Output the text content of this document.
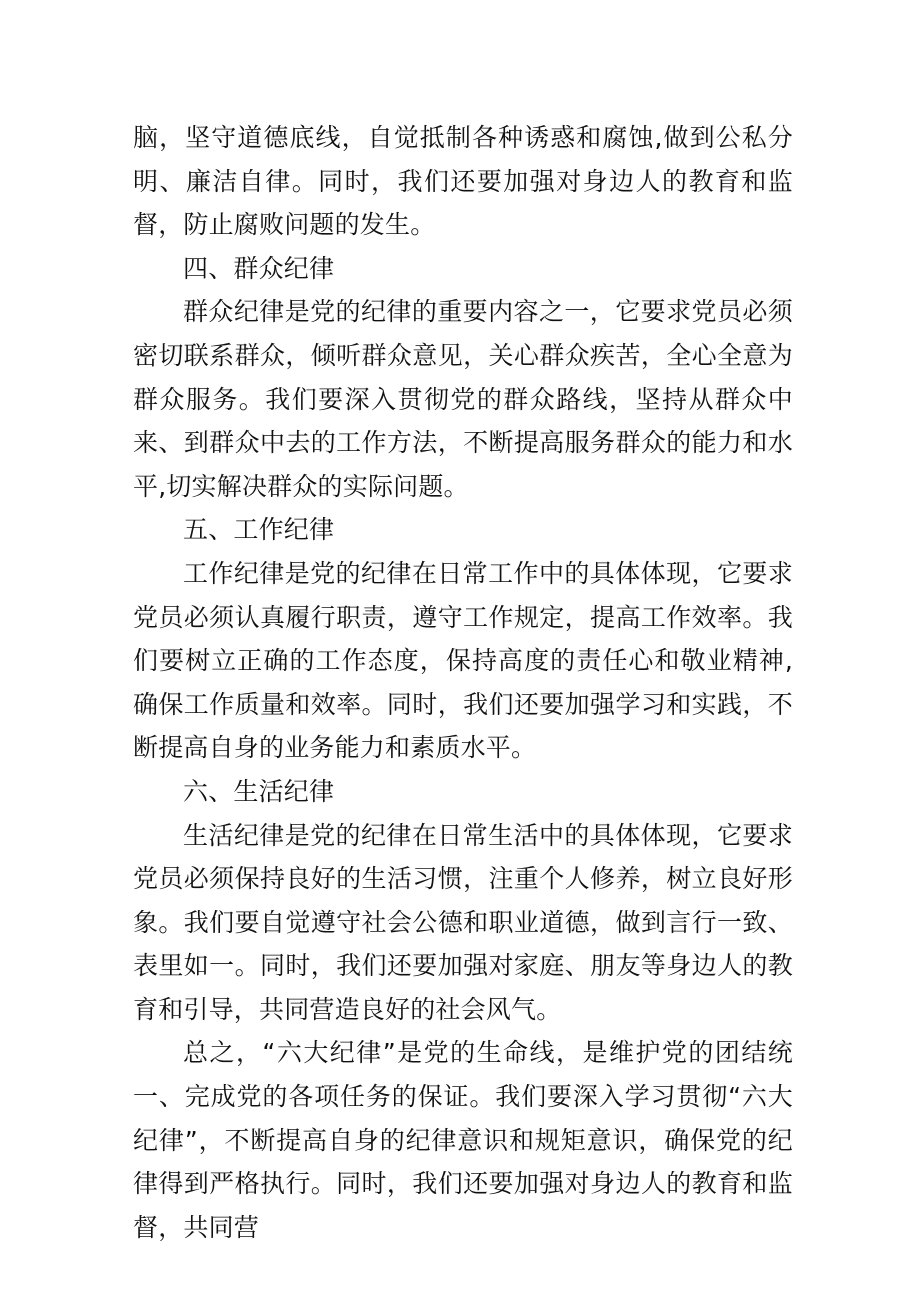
脑，坚守道德底线，自觉抵制各种诱惑和腐蚀,做到公私分明、廉洁自律。同时，我们还要加强对身边人的教育和监督，防止腐败问题的发生。

四、群众纪律

群众纪律是党的纪律的重要内容之一，它要求党员必须密切联系群众，倾听群众意见，关心群众疾苦，全心全意为群众服务。我们要深入贯彻党的群众路线，坚持从群众中来、到群众中去的工作方法，不断提高服务群众的能力和水平,切实解决群众的实际问题。

五、工作纪律

工作纪律是党的纪律在日常工作中的具体体现，它要求党员必须认真履行职责，遵守工作规定，提高工作效率。我们要树立正确的工作态度，保持高度的责任心和敬业精神,确保工作质量和效率。同时，我们还要加强学习和实践，不断提高自身的业务能力和素质水平。

六、生活纪律

生活纪律是党的纪律在日常生活中的具体体现，它要求党员必须保持良好的生活习惯，注重个人修养，树立良好形象。我们要自觉遵守社会公德和职业道德，做到言行一致、表里如一。同时，我们还要加强对家庭、朋友等身边人的教育和引导，共同营造良好的社会风气。

总之，“六大纪律”是党的生命线，是维护党的团结统一、完成党的各项任务的保证。我们要深入学习贯彻“六大纪律”，不断提高自身的纪律意识和规矩意识，确保党的纪律得到严格执行。同时，我们还要加强对身边人的教育和监督，共同营
